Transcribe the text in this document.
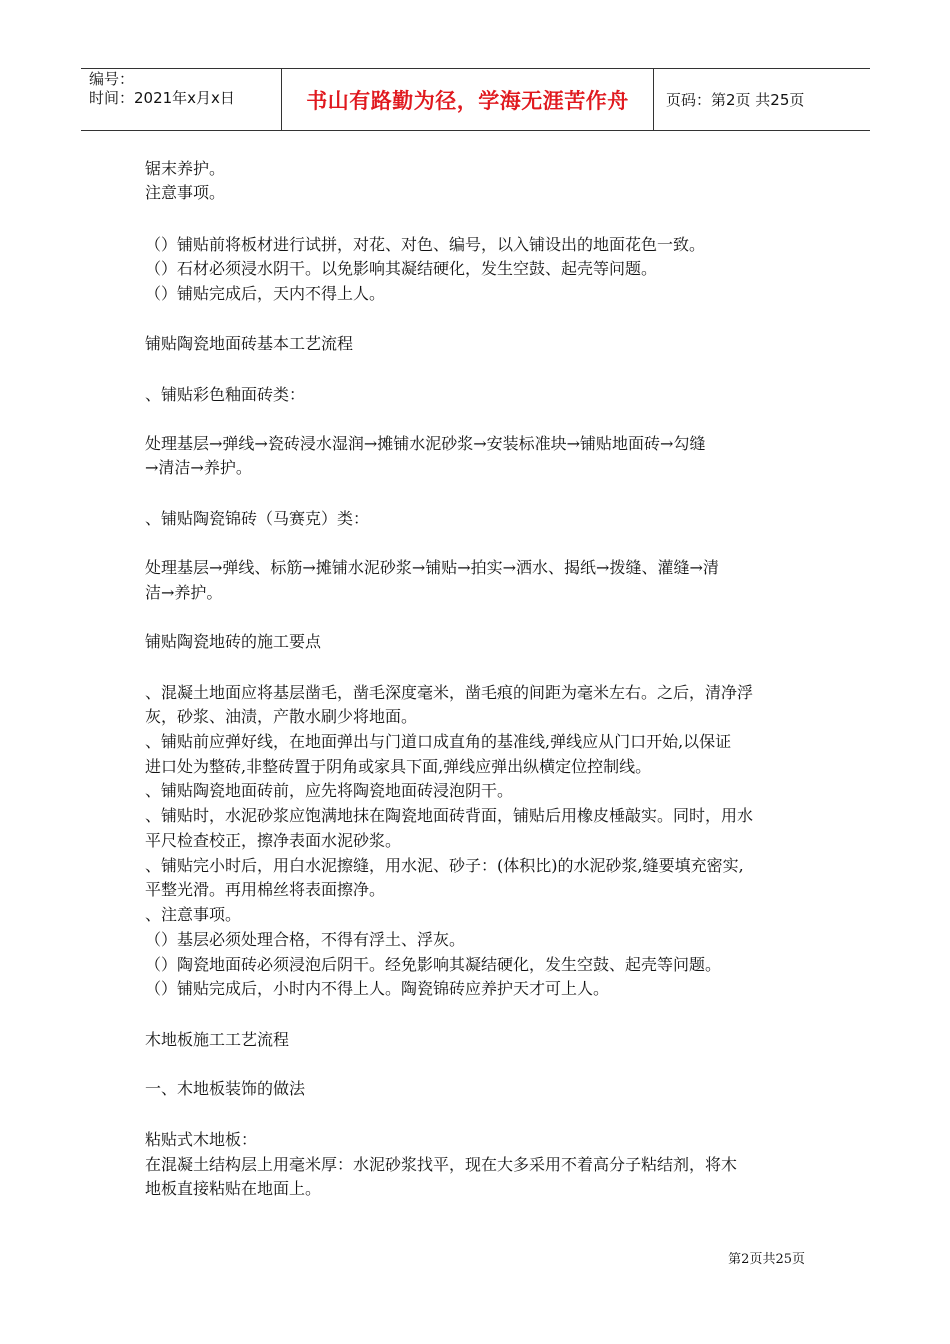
编号：
时间：2021年x月x日	书山有路勤为径，学海无涯苦作舟 页码：第2页 共25页
锯末养护。
注意事项。
（）铺贴前将板材进行试拼，对花、对色、编号，以入铺设出的地面花色一致。
（）石材必须浸水阴干。以免影响其凝结硬化，发生空鼓、起壳等问题。
（）铺贴完成后，天内不得上人。
铺贴陶瓷地面砖基本工艺流程
、铺贴彩色釉面砖类：
处理基层→弹线→瓷砖浸水湿润→摊铺水泥砂浆→安装标准块→铺贴地面砖→勾缝
→清洁→养护。
、铺贴陶瓷锦砖（马赛克）类：
处理基层→弹线、标筋→摊铺水泥砂浆→铺贴→拍实→洒水、揭纸→拨缝、灌缝→清
洁→养护。
铺贴陶瓷地砖的施工要点
、混凝土地面应将基层凿毛，凿毛深度毫米，凿毛痕的间距为毫米左右。之后，清净浮
灰，砂浆、油渍，产散水刷少将地面。
、铺贴前应弹好线，在地面弹出与门道口成直角的基准线,弹线应从门口开始,以保证
进口处为整砖,非整砖置于阴角或家具下面,弹线应弹出纵横定位控制线。
、铺贴陶瓷地面砖前，应先将陶瓷地面砖浸泡阴干。
、铺贴时，水泥砂浆应饱满地抹在陶瓷地面砖背面，铺贴后用橡皮棰敲实。同时，用水
平尺检查校正，擦净表面水泥砂浆。
、铺贴完小时后，用白水泥擦缝，用水泥、砂子：(体积比)的水泥砂浆,缝要填充密实,
平整光滑。再用棉丝将表面擦净。
、注意事项。
（）基层必须处理合格，不得有浮土、浮灰。
（）陶瓷地面砖必须浸泡后阴干。经免影响其凝结硬化，发生空鼓、起壳等问题。
（）铺贴完成后，小时内不得上人。陶瓷锦砖应养护天才可上人。
木地板施工工艺流程
一、木地板装饰的做法
粘贴式木地板：
在混凝土结构层上用毫米厚：水泥砂浆找平，现在大多采用不着高分子粘结剂，将木
地板直接粘贴在地面上。
第2页共25页
